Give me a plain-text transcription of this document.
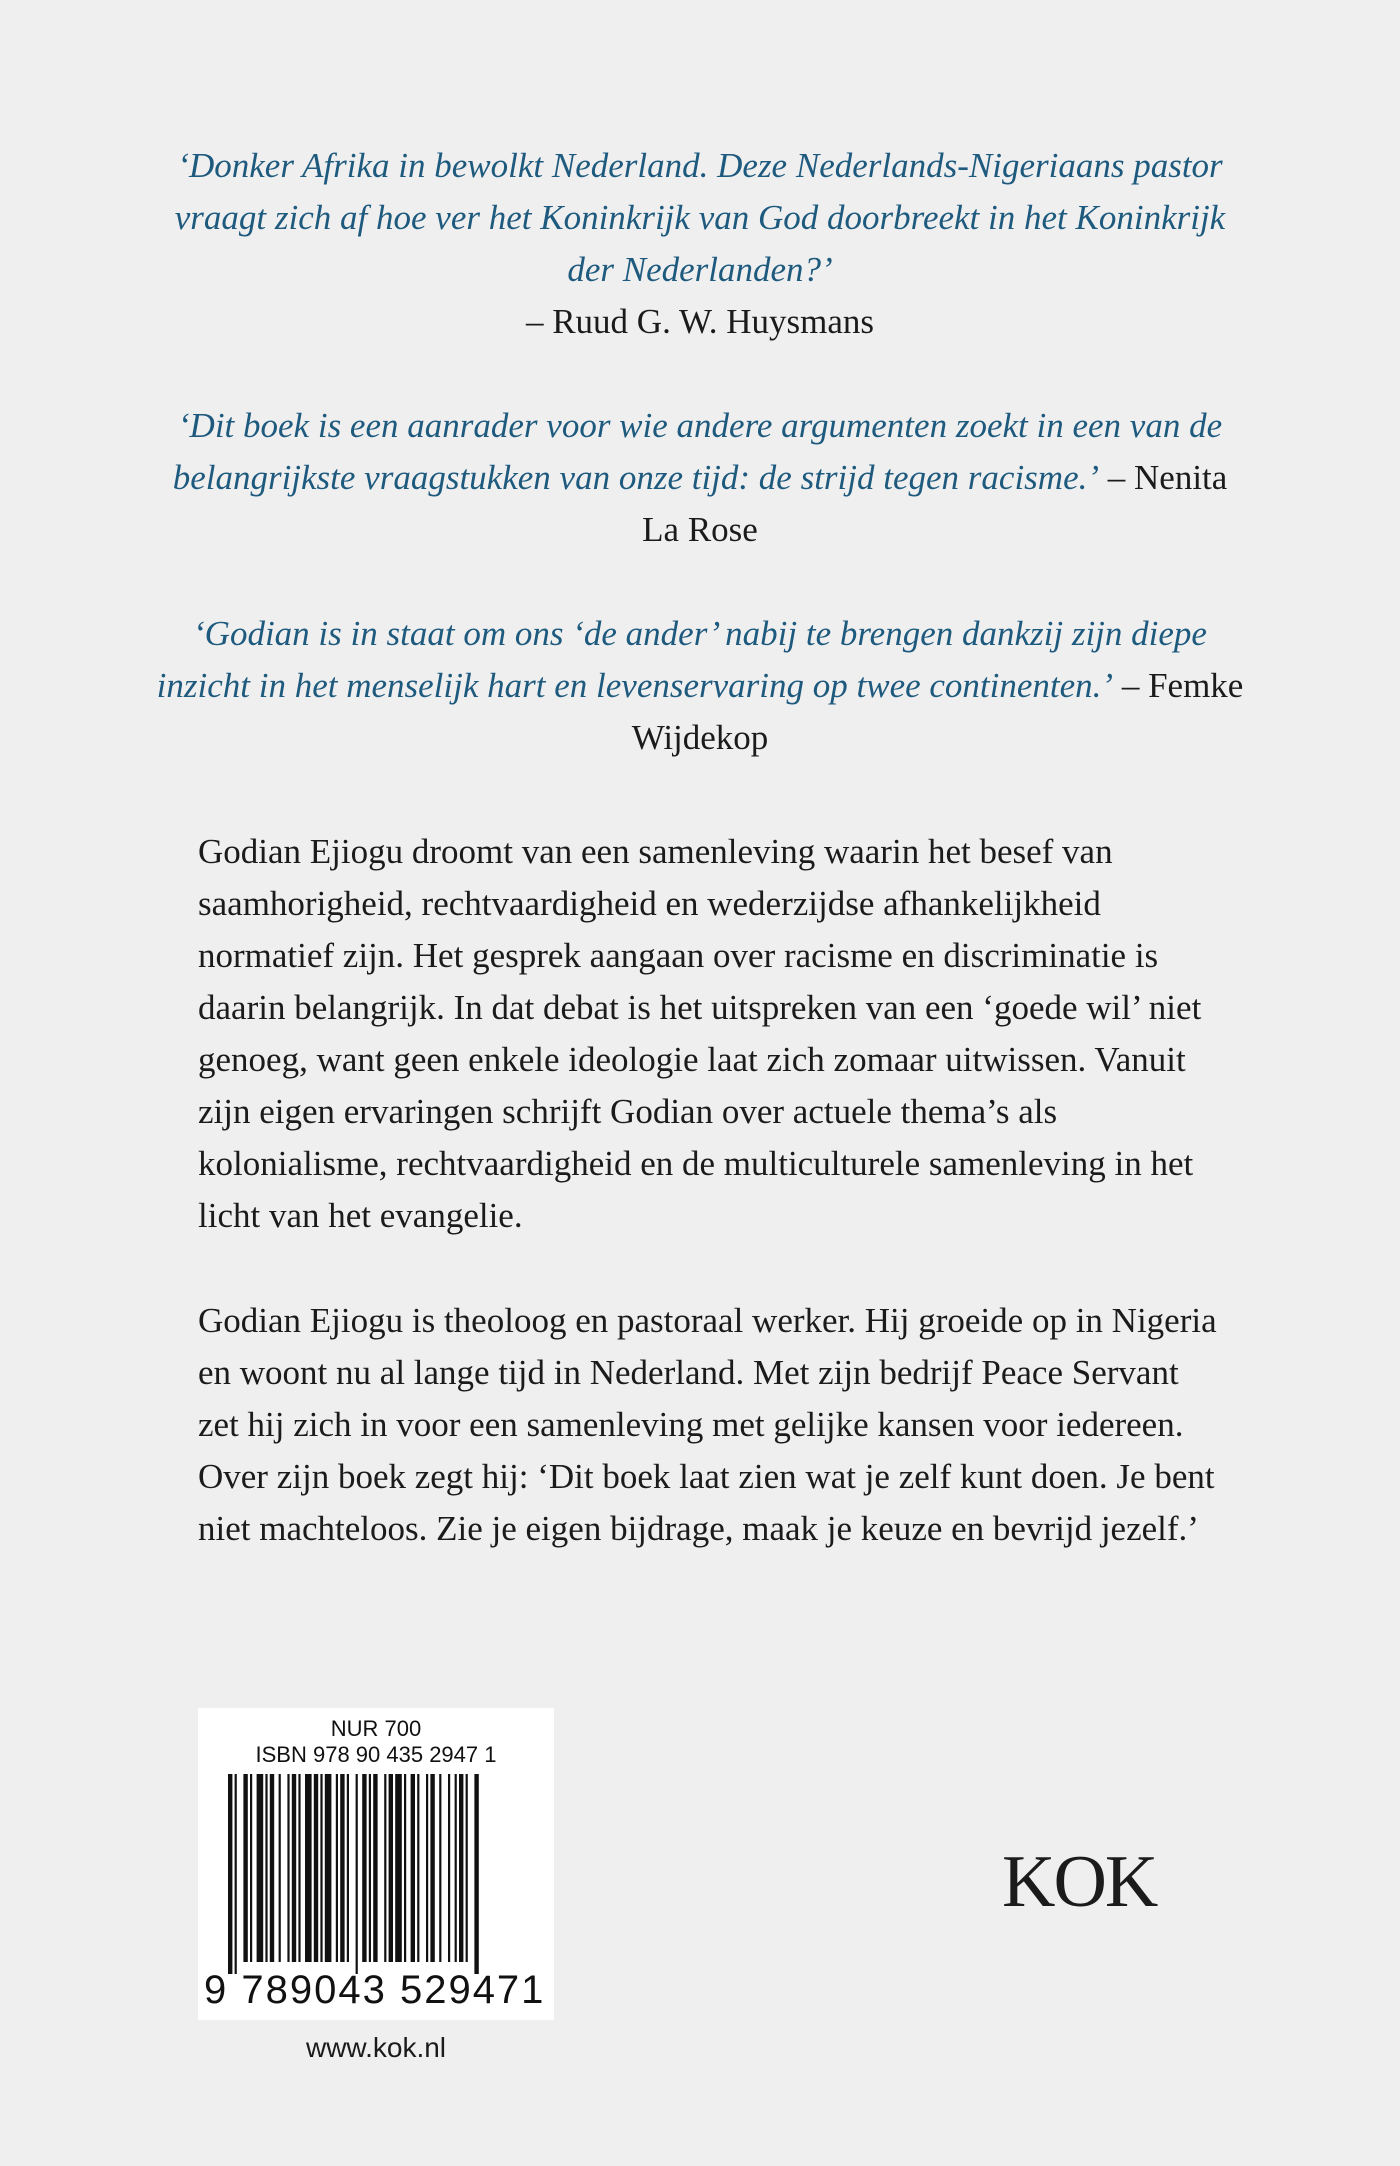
‘Donker Afrika in bewolkt Nederland. Deze Nederlands-Nigeriaans pastor vraagt zich af hoe ver het Koninkrijk van God doorbreekt in het Koninkrijk der Nederlanden?’
– Ruud G. W. Huysmans

‘Dit boek is een aanrader voor wie andere argumenten zoekt in een van de belangrijkste vraagstukken van onze tijd: de strijd tegen racisme.’ – Nenita La Rose

‘Godian is in staat om ons ‘de ander’ nabij te brengen dankzij zijn diepe inzicht in het menselijk hart en levenservaring op twee continenten.’ – Femke Wijdekop

Godian Ejiogu droomt van een samenleving waarin het besef van saamhorigheid, rechtvaardigheid en wederzijdse afhankelijkheid normatief zijn. Het gesprek aangaan over racisme en discriminatie is daarin belangrijk. In dat debat is het uitspreken van een ‘goede wil’ niet genoeg, want geen enkele ideologie laat zich zomaar uitwissen. Vanuit zijn eigen ervaringen schrijft Godian over actuele thema’s als kolonialisme, rechtvaardigheid en de multiculturele samenleving in het licht van het evangelie.

Godian Ejiogu is theoloog en pastoraal werker. Hij groeide op in Nigeria en woont nu al lange tijd in Nederland. Met zijn bedrijf Peace Servant zet hij zich in voor een samenleving met gelijke kansen voor iedereen. Over zijn boek zegt hij: ‘Dit boek laat zien wat je zelf kunt doen. Je bent niet machteloos. Zie je eigen bijdrage, maak je keuze en bevrijd jezelf.’

NUR 700
ISBN 978 90 435 2947 1
9 789043 529471
KOK
www.kok.nl
